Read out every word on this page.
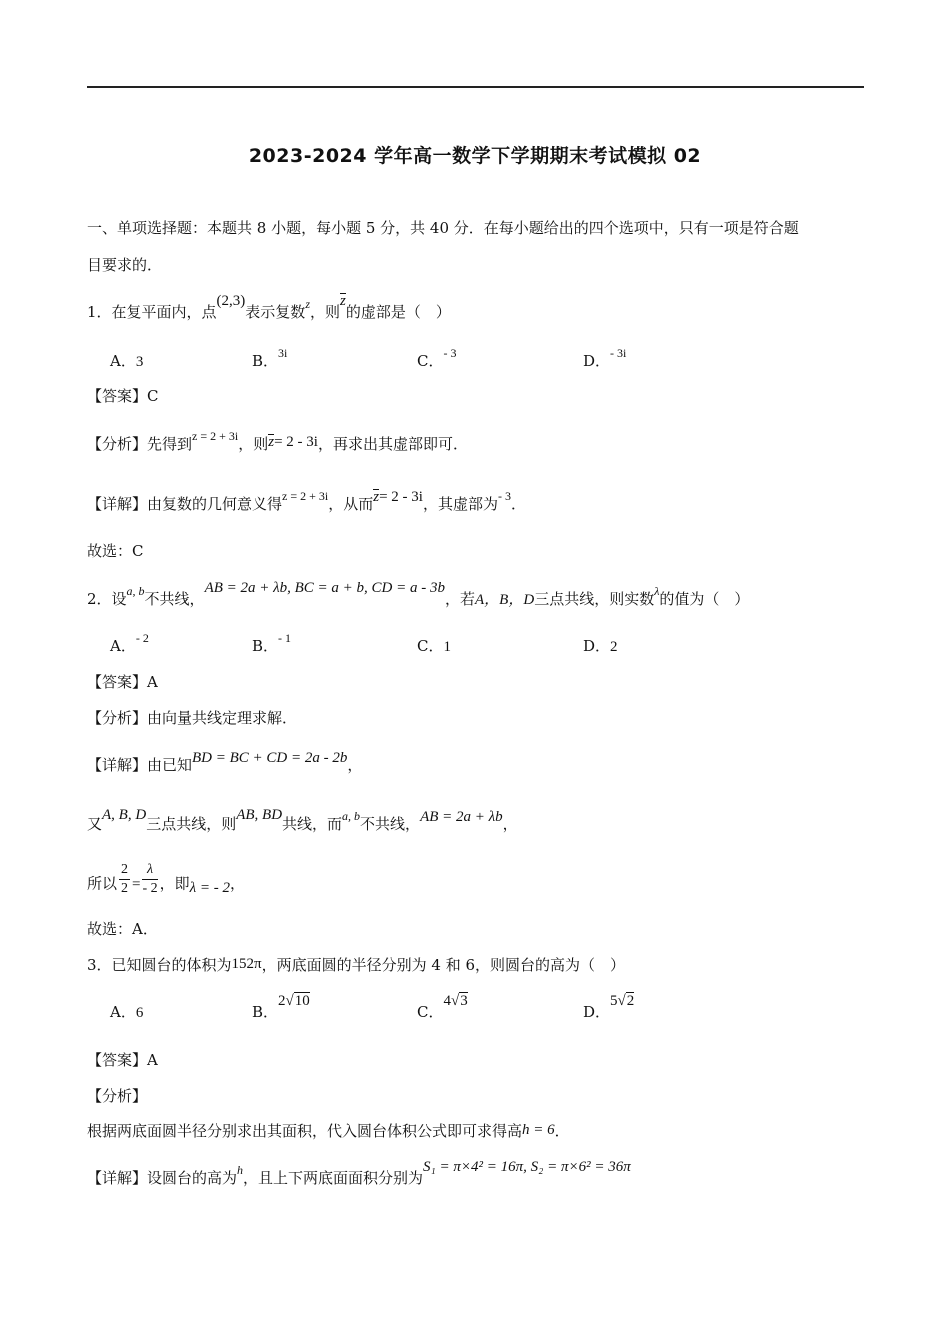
2023-2024 学年高一数学下学期期末考试模拟 02
一、单项选择题：本题共 8 小题，每小题 5 分，共 40 分．在每小题给出的四个选项中，只有一项是符合题
目要求的．
1．在复平面内，点(2,3)表示复数$^z$，则z的虚部是（　）
A．3	B．$^{3i}$	C．$^{- 3}$	D．$^{- 3i}$
【答案】C
【分析】先得到$^{z = 2 + 3i}$，则z= 2 - 3i，再求出其虚部即可．
【详解】由复数的几何意义得$^{z = 2 + 3i}$，从而z= 2 - 3i，其虚部为$^{- 3}$．
故选：C
2．设$^{a, b}$不共线，AB = 2a + λb, BC = a + b, CD = a - 3b，若A，B，D三点共线，则实数$^\lambda$的值为（　）
A．$^{- 2}$	B．$^{- 1}$	C．1	D．2
【答案】A
【分析】由向量共线定理求解．
【详解】由已知BD = BC + CD = 2a - 2b，
又A, B, D三点共线，则AB, BD共线，而$^{a, b}$不共线，AB = 2a + λb，
所以 $\frac{2}{2} = \frac{\lambda}{- 2}$ ，即λ = - 2，
故选：A．
3．已知圆台的体积为152π，两底面圆的半径分别为 4 和 6，则圆台的高为（　）
A．6	B．2√10
C．4√3
D．5√2
【答案】A
【分析】
根据两底面圆半径分别求出其面积，代入圆台体积公式即可求得高h = 6．
【详解】设圆台的高为$^h$，且上下两底面面积分别为S₁ = π×4² = 16π, S₂ = π×6² = 36π
